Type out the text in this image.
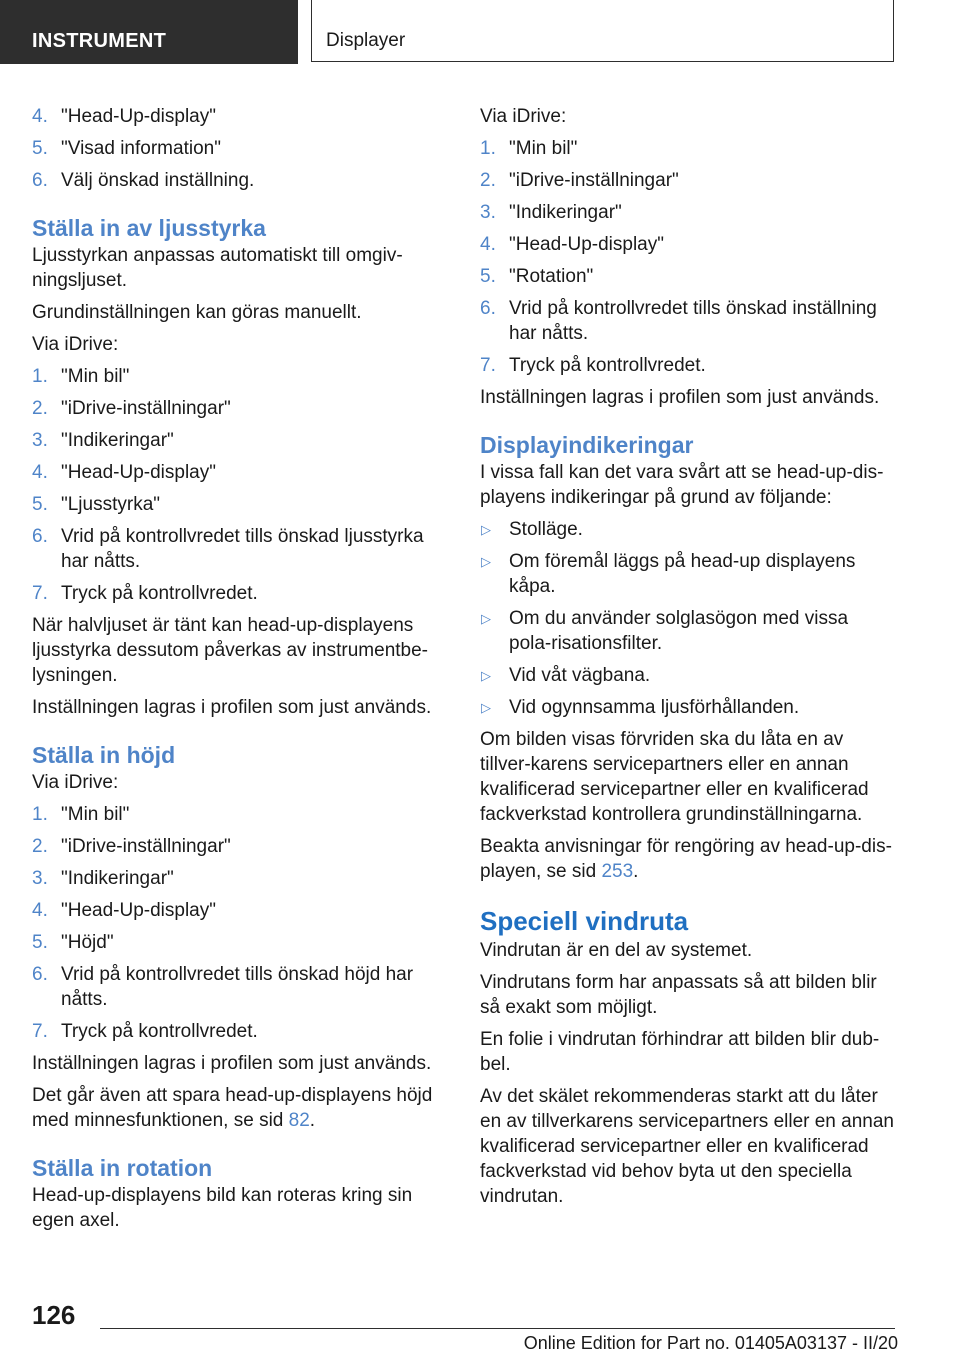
INSTRUMENT	Displayer
4. "Head-Up-display"
5. "Visad information"
6. Välj önskad inställning.
Ställa in av ljusstyrka

Ljusstyrkan anpassas automatiskt till omgiv-ningsljuset.

Grundinställningen kan göras manuellt.

Via iDrive:

1. "Min bil"
2. "iDrive-inställningar"
3. "Indikeringar"
4. "Head-Up-display"
5. "Ljusstyrka"
6. Vrid på kontrollvredet tills önskad ljusstyrka har nåtts.
7. Tryck på kontrollvredet.

När halvljuset är tänt kan head-up-displayens ljusstyrka dessutom påverkas av instrumentbe-lysningen.

Inställningen lagras i profilen som just används.

Ställa in höjd

Via iDrive:

1. "Min bil"
2. "iDrive-inställningar"
3. "Indikeringar"
4. "Head-Up-display"
5. "Höjd"
6. Vrid på kontrollvredet tills önskad höjd har nåtts.
7. Tryck på kontrollvredet.

Inställningen lagras i profilen som just används.

Det går även att spara head-up-displayens höjd med minnesfunktionen, se sid 82.

Ställa in rotation

Head-up-displayens bild kan roteras kring sin egen axel.

Via iDrive:

1. "Min bil"
2. "iDrive-inställningar"
3. "Indikeringar"
4. "Head-Up-display"
5. "Rotation"
6. Vrid på kontrollvredet tills önskad inställning har nåtts.
7. Tryck på kontrollvredet.

Inställningen lagras i profilen som just används.

Displayindikeringar

I vissa fall kan det vara svårt att se head-up-dis-playens indikeringar på grund av följande:

▷ Stolläge.
▷ Om föremål läggs på head-up displayens kåpa.
▷ Om du använder solglasögon med vissa pola-risationsfilter.
▷ Vid våt vägbana.
▷ Vid ogynnsamma ljusförhållanden.

Om bilden visas förvriden ska du låta en av tillver-karens servicepartners eller en annan kvalificerad servicepartner eller en kvalificerad fackverkstad kontrollera grundinställningarna.

Beakta anvisningar för rengöring av head-up-dis-playen, se sid 253.

Speciell vindruta

Vindrutan är en del av systemet.

Vindrutans form har anpassats så att bilden blir så exakt som möjligt.

En folie i vindrutan förhindrar att bilden blir dub-bel.

Av det skälet rekommenderas starkt att du låter en av tillverkarens servicepartners eller en annan kvalificerad servicepartner eller en kvalificerad fackverkstad vid behov byta ut den speciella vindrutan.

126
Online Edition for Part no. 01405A03137 - II/20
